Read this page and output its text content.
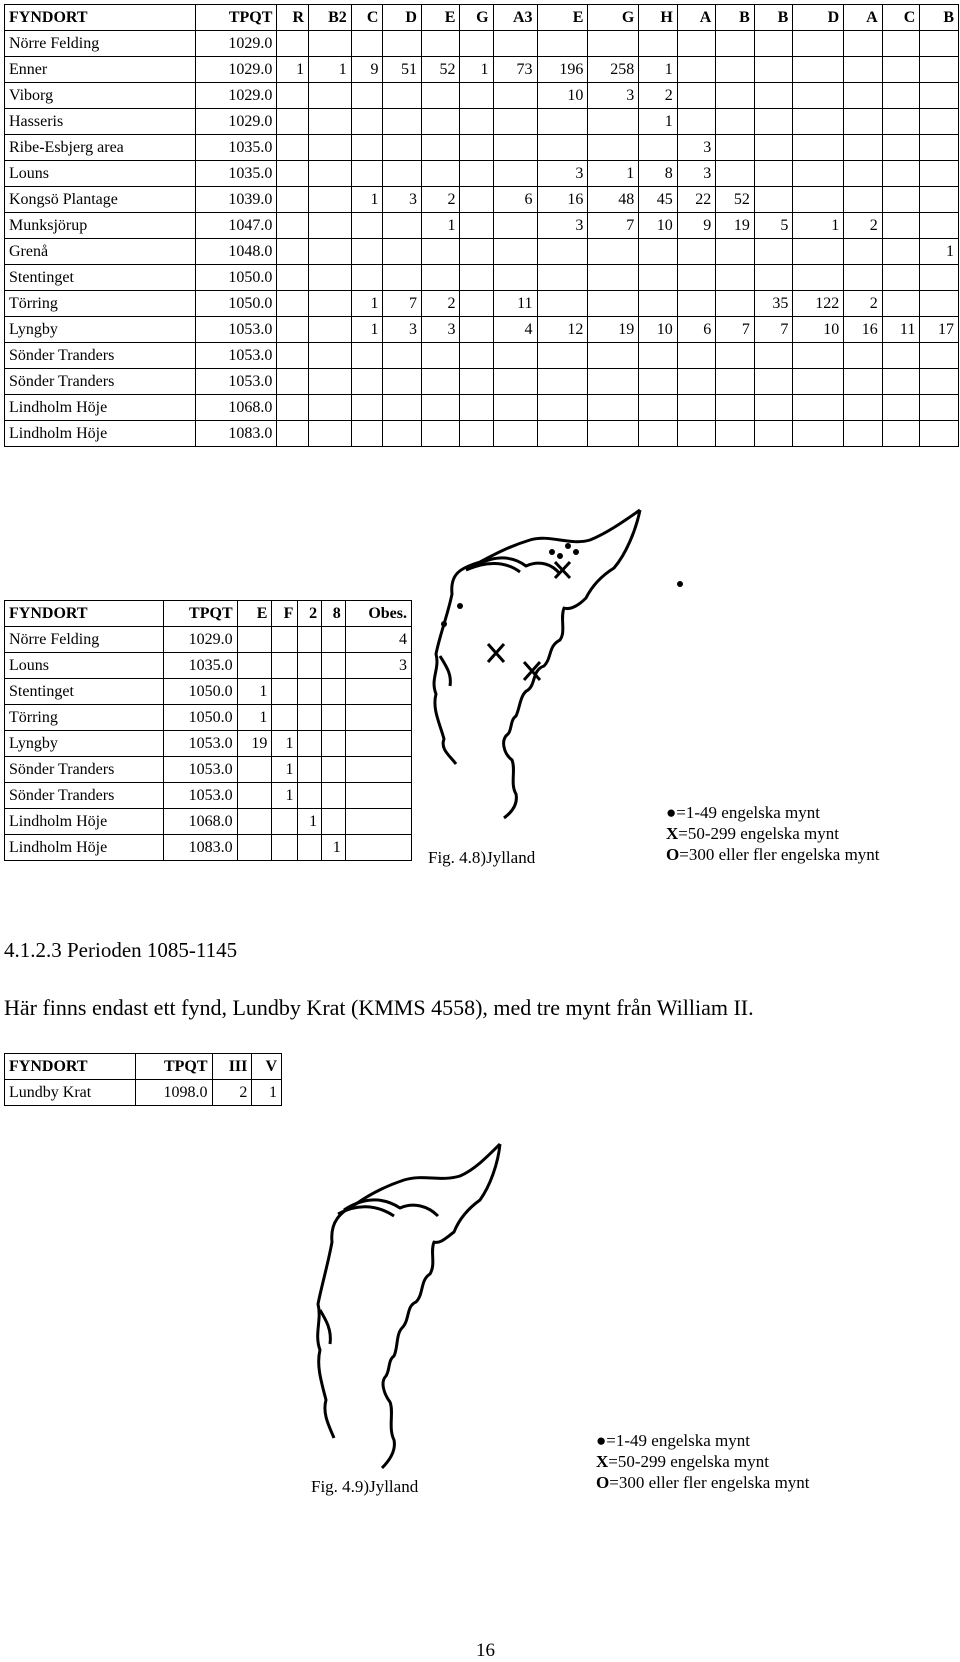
FYNDORT	TPQT	R	B2	C	D	E	G	A3	E	G	H	A	B	B	D	A	C	B
Nörre Felding	1029.0																	
Enner	1029.0	1	1	9	51	52	1	73	196	258	1							
Viborg	1029.0								10	3	2							
Hasseris	1029.0										1							
Ribe-Esbjerg area	1035.0											3						
Louns	1035.0								3	1	8	3						
Kongsö Plantage	1039.0			1	3	2		6	16	48	45	22	52					
Munksjörup	1047.0					1			3	7	10	9	19	5	1	2		
Grenå	1048.0																	1
Stentinget	1050.0																	
Törring	1050.0			1	7	2		11						35	122	2		
Lyngby	1053.0			1	3	3		4	12	19	10	6	7	7	10	16	11	17
Sönder Tranders	1053.0																	
Sönder Tranders	1053.0																	
Lindholm Höje	1068.0																	
Lindholm Höje	1083.0																	
Fig. 4.8)Jylland
●=1-49 engelska mynt
X=50-299 engelska mynt
O=300 eller fler engelska mynt
FYNDORT	TPQT	E	F	2	8	Obes.
Nörre Felding	1029.0					4
Louns	1035.0					3
Stentinget	1050.0	1				
Törring	1050.0	1				
Lyngby	1053.0	19	1			
Sönder Tranders	1053.0		1			
Sönder Tranders	1053.0		1			
Lindholm Höje	1068.0			1		
Lindholm Höje	1083.0				1	
4.1.2.3 Perioden 1085-1145
Här finns endast ett fynd, Lundby Krat (KMMS 4558), med tre mynt från William II.
FYNDORT	TPQT	III	V
Lundby Krat	1098.0	2	1
Fig. 4.9)Jylland
●=1-49 engelska mynt
X=50-299 engelska mynt
O=300 eller fler engelska mynt
16
